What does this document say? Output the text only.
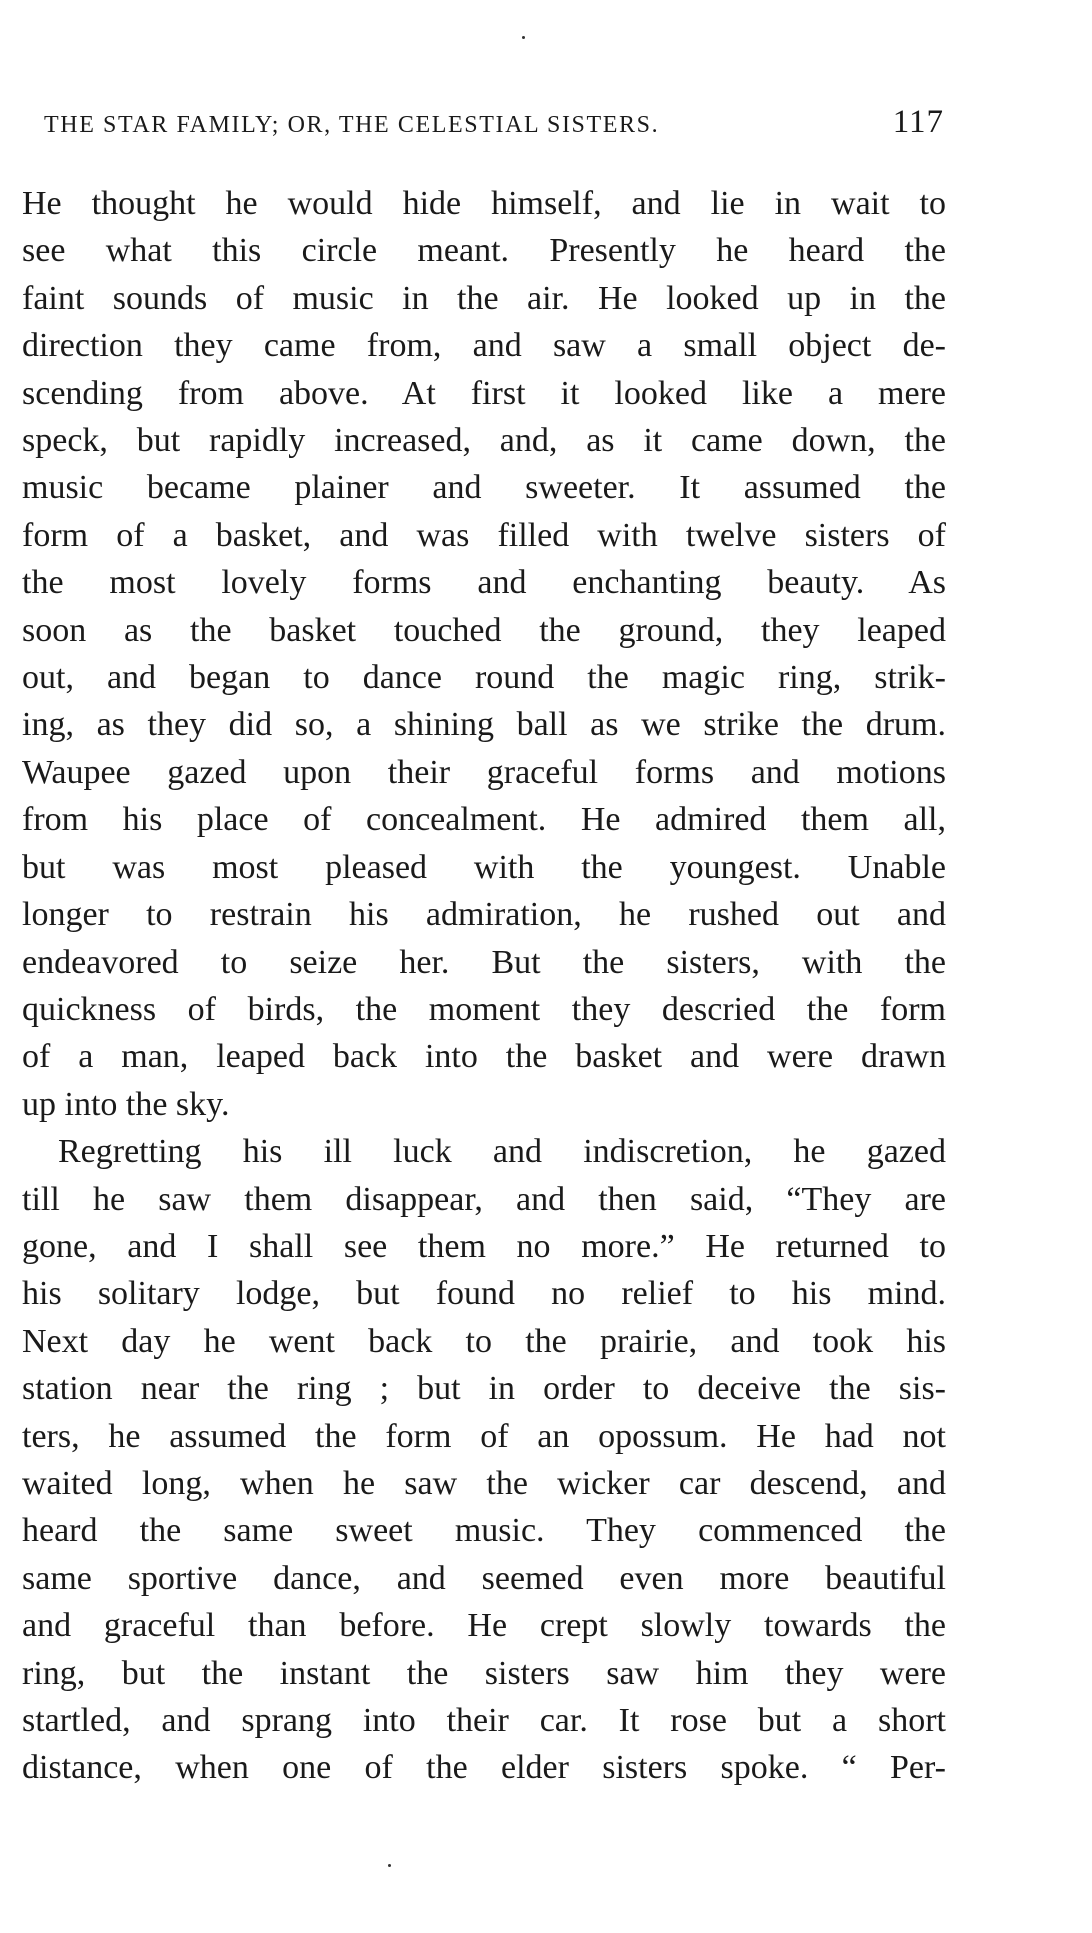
THE STAR FAMILY; OR, THE CELESTIAL SISTERS.	117

He thought he would hide himself, and lie in wait to
see what this circle meant. Presently he heard the
faint sounds of music in the air. He looked up in the
direction they came from, and saw a small object de-
scending from above. At first it looked like a mere
speck, but rapidly increased, and, as it came down, the
music became plainer and sweeter. It assumed the
form of a basket, and was filled with twelve sisters of
the most lovely forms and enchanting beauty. As
soon as the basket touched the ground, they leaped
out, and began to dance round the magic ring, strik-
ing, as they did so, a shining ball as we strike the drum.
Waupee gazed upon their graceful forms and motions
from his place of concealment. He admired them all,
but was most pleased with the youngest. Unable
longer to restrain his admiration, he rushed out and
endeavored to seize her. But the sisters, with the
quickness of birds, the moment they descried the form
of a man, leaped back into the basket and were drawn
up into the sky.

Regretting his ill luck and indiscretion, he gazed
till he saw them disappear, and then said, “They are
gone, and I shall see them no more.” He returned to
his solitary lodge, but found no relief to his mind.
Next day he went back to the prairie, and took his
station near the ring ; but in order to deceive the sis-
ters, he assumed the form of an opossum. He had not
waited long, when he saw the wicker car descend, and
heard the same sweet music. They commenced the
same sportive dance, and seemed even more beautiful
and graceful than before. He crept slowly towards the
ring, but the instant the sisters saw him they were
startled, and sprang into their car. It rose but a short
distance, when one of the elder sisters spoke. “ Per-
